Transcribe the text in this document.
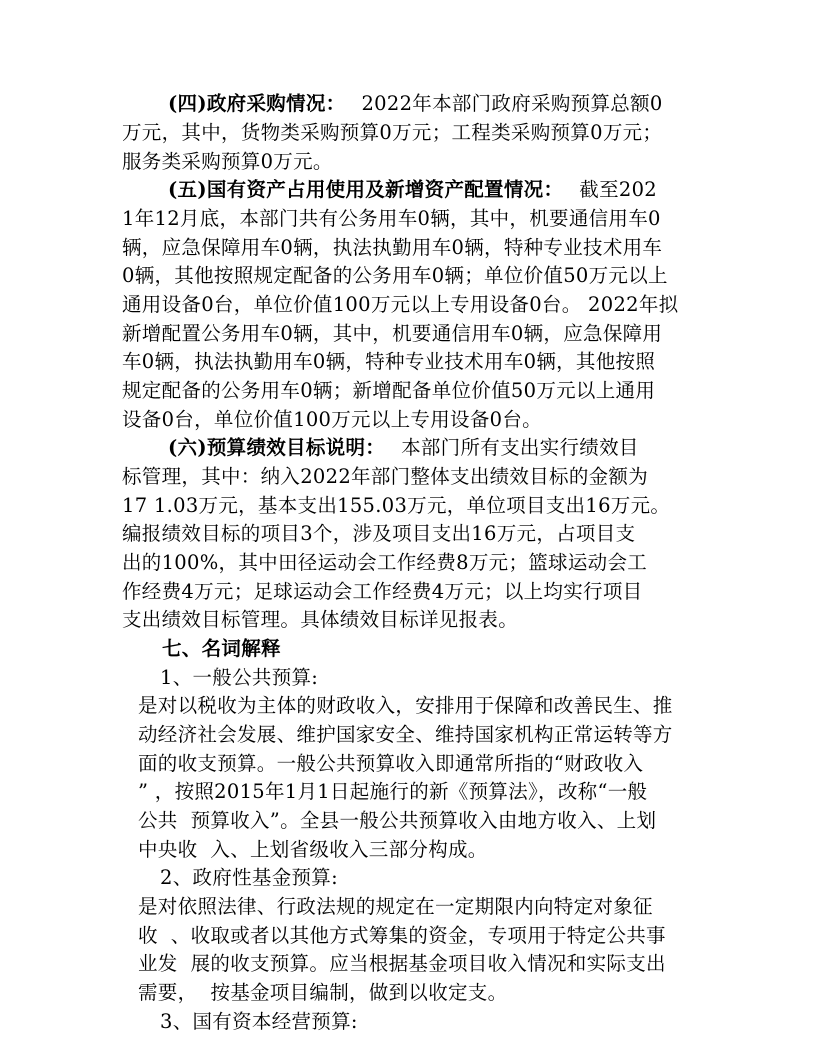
(四)政府采购情况： 2022年本部门政府采购预算总额0
万元，其中，货物类采购预算0万元；工程类采购预算0万元；
服务类采购预算0万元。
(五)国有资产占用使用及新增资产配置情况： 截至202
1年12月底，本部门共有公务用车0辆，其中，机要通信用车0
辆，应急保障用车0辆，执法执勤用车0辆，特种专业技术用车
0辆，其他按照规定配备的公务用车0辆；单位价值50万元以上
通用设备0台，单位价值100万元以上专用设备0台。 2022年拟
新增配置公务用车0辆，其中，机要通信用车0辆，应急保障用
车0辆，执法执勤用车0辆，特种专业技术用车0辆，其他按照
规定配备的公务用车0辆；新增配备单位价值50万元以上通用
设备0台，单位价值100万元以上专用设备0台。
(六)预算绩效目标说明： 本部门所有支出实行绩效目
标管理，其中：纳入2022年部门整体支出绩效目标的金额为
17 1.03万元，基本支出155.03万元，单位项目支出16万元。
编报绩效目标的项目3个，涉及项目支出16万元，占项目支
出的100%，其中田径运动会工作经费8万元；篮球运动会工
作经费4万元；足球运动会工作经费4万元；以上均实行项目
支出绩效目标管理。具体绩效目标详见报表。
七、名词解释
1、一般公共预算:
是对以税收为主体的财政收入，安排用于保障和改善民生、推
动经济社会发展、维护国家安全、维持国家机构正常运转等方
面的收支预算。一般公共预算收入即通常所指的“财政收入
” ，按照2015年1月1日起施行的新《预算法》，改称“一般
公共  预算收入”。全县一般公共预算收入由地方收入、上划
中央收  入、上划省级收入三部分构成。
2、政府性基金预算:
是对依照法律、行政法规的规定在一定期限内向特定对象征
收  、收取或者以其他方式筹集的资金，专项用于特定公共事
业发  展的收支预算。应当根据基金项目收入情况和实际支出
需要，  按基金项目编制，做到以收定支。
3、国有资本经营预算:
